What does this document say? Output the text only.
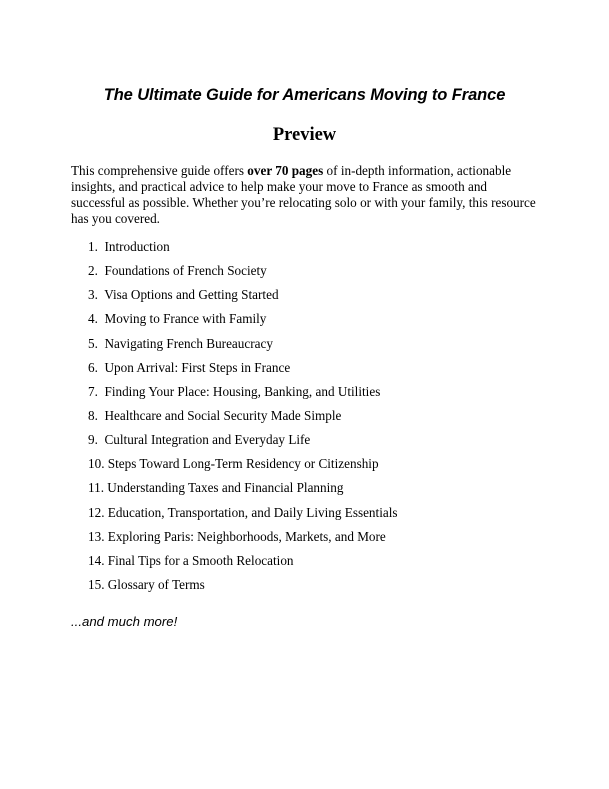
The Ultimate Guide for Americans Moving to France
Preview

This comprehensive guide offers over 70 pages of in-depth information, actionable insights, and practical advice to help make your move to France as smooth and successful as possible. Whether you’re relocating solo or with your family, this resource has you covered.

1. Introduction
2. Foundations of French Society
3. Visa Options and Getting Started
4. Moving to France with Family
5. Navigating French Bureaucracy
6. Upon Arrival: First Steps in France
7. Finding Your Place: Housing, Banking, and Utilities
8. Healthcare and Social Security Made Simple
9. Cultural Integration and Everyday Life
10. Steps Toward Long-Term Residency or Citizenship
11. Understanding Taxes and Financial Planning
12. Education, Transportation, and Daily Living Essentials
13. Exploring Paris: Neighborhoods, Markets, and More
14. Final Tips for a Smooth Relocation
15. Glossary of Terms

...and much more!
